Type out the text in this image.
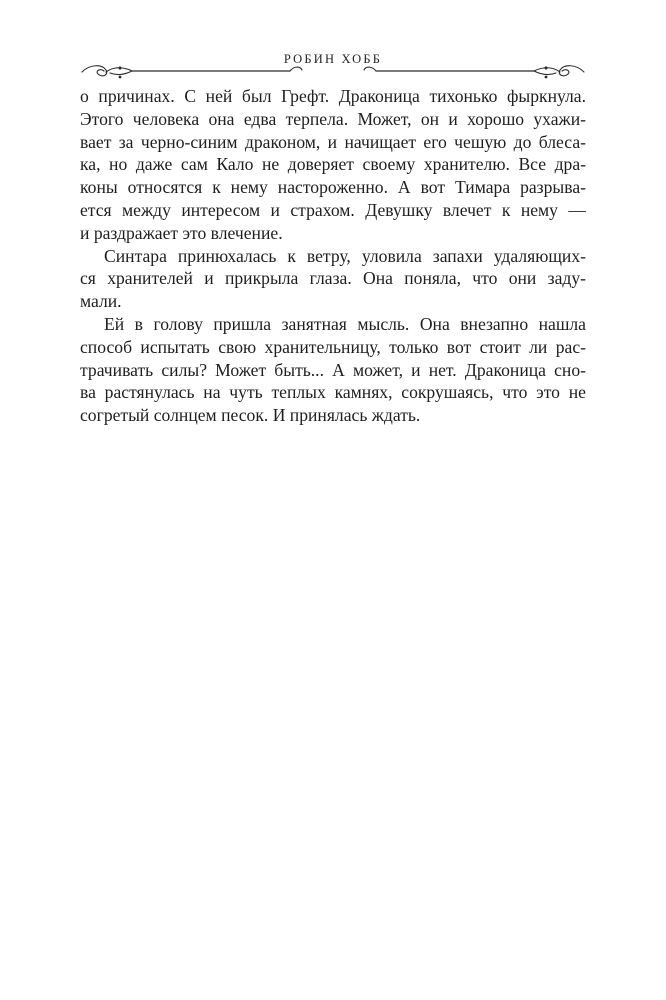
РОБИН ХОББ
о причинах. С ней был Грефт. Драконица тихонько фыркнула.
Этого человека она едва терпела. Может, он и хорошо ухажи-
вает за черно-синим драконом, и начищает его чешую до блеса-
ка, но даже сам Кало не доверяет своему хранителю. Все дра-
коны относятся к нему настороженно. А вот Тимара разрыва-
ется между интересом и страхом. Девушку влечет к нему —
и раздражает это влечение.
Синтара принюхалась к ветру, уловила запахи удаляющих-
ся хранителей и прикрыла глаза. Она поняла, что они заду-
мали.
Ей в голову пришла занятная мысль. Она внезапно нашла
способ испытать свою хранительницу, только вот стоит ли рас-
трачивать силы? Может быть... А может, и нет. Драконица сно-
ва растянулась на чуть теплых камнях, сокрушаясь, что это не
согретый солнцем песок. И принялась ждать.
